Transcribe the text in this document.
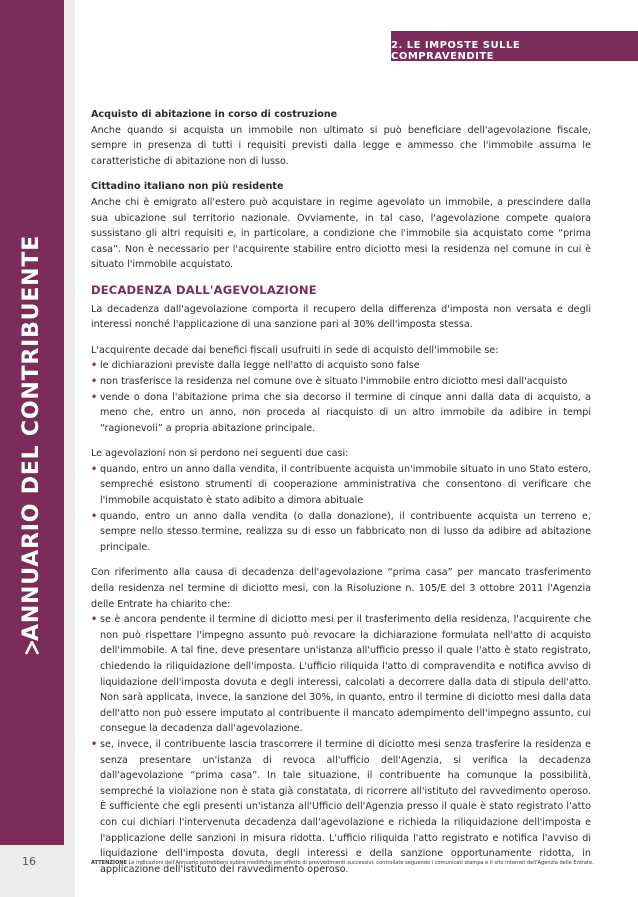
2. LE IMPOSTE SULLE COMPRAVENDITE
ANNUARIO DEL CONTRIBUENTE
16

Acquisto di abitazione in corso di costruzione

Anche quando si acquista un immobile non ultimato si può beneficiare dell'agevolazione fiscale, sempre in presenza di tutti i requisiti previsti dalla legge e ammesso che l'immobile assuma le caratteristiche di abitazione non di lusso.

Cittadino italiano non più residente

Anche chi è emigrato all'estero può acquistare in regime agevolato un immobile, a prescindere dalla sua ubicazione sul territorio nazionale. Ovviamente, in tal caso, l'agevolazione compete qualora sussistano gli altri requisiti e, in particolare, a condizione che l'immobile sia acquistato come “prima casa”. Non è necessario per l'acquirente stabilire entro diciotto mesi la residenza nel comune in cui è situato l'immobile acquistato.

DECADENZA DALL'AGEVOLAZIONE

La decadenza dall'agevolazione comporta il recupero della differenza d'imposta non versata e degli interessi nonché l'applicazione di una sanzione pari al 30% dell'imposta stessa.

L'acquirente decade dai benefici fiscali usufruiti in sede di acquisto dell'immobile se:

• le dichiarazioni previste dalla legge nell'atto di acquisto sono false
• non trasferisce la residenza nel comune ove è situato l'immobile entro diciotto mesi dall'acquisto
• vende o dona l'abitazione prima che sia decorso il termine di cinque anni dalla data di acquisto, a meno che, entro un anno, non proceda al riacquisto di un altro immobile da adibire in tempi “ragionevoli” a propria abitazione principale.

Le agevolazioni non si perdono nei seguenti due casi:

• quando, entro un anno dalla vendita, il contribuente acquista un'immobile situato in uno Stato estero, sempreché esistono strumenti di cooperazione amministrativa che consentono di verificare che l'immobile acquistato è stato adibito a dimora abituale
• quando, entro un anno dalla vendita (o dalla donazione), il contribuente acquista un terreno e, sempre nello stesso termine, realizza su di esso un fabbricato non di lusso da adibire ad abitazione principale.

Con riferimento alla causa di decadenza dell'agevolazione “prima casa” per mancato trasferimento della residenza nel termine di diciotto mesi, con la Risoluzione n. 105/E del 3 ottobre 2011 l'Agenzia delle Entrate ha chiarito che:

• se è ancora pendente il termine di diciotto mesi per il trasferimento della residenza, l'acquirente che non può rispettare l'impegno assunto può revocare la dichiarazione formulata nell'atto di acquisto dell'immobile. A tal fine, deve presentare un'istanza all'ufficio presso il quale l'atto è stato registrato, chiedendo la riliquidazione dell'imposta. L'ufficio riliquida l'atto di compravendita e notifica avviso di liquidazione dell'imposta dovuta e degli interessi, calcolati a decorrere dalla data di stipula dell'atto. Non sarà applicata, invece, la sanzione del 30%, in quanto, entro il termine di diciotto mesi dalla data dell'atto non può essere imputato al contribuente il mancato adempimento dell'impegno assunto, cui consegue la decadenza dall'agevolazione.
• se, invece, il contribuente lascia trascorrere il termine di diciotto mesi senza trasferire la residenza e senza presentare un'istanza di revoca all'ufficio dell'Agenzia, si verifica la decadenza dall'agevolazione “prima casa”. In tale situazione, il contribuente ha comunque la possibilità, sempreché la violazione non è stata già constatata, di ricorrere all'istituto del ravvedimento operoso. È sufficiente che egli presenti un'istanza all'Ufficio dell'Agenzia presso il quale è stato registrato l'atto con cui dichiari l'intervenuta decadenza dall'agevolazione e richieda la riliquidazione dell'imposta e l'applicazione delle sanzioni in misura ridotta. L'ufficio riliquida l'atto registrato e notifica l'avviso di liquidazione dell'imposta dovuta, degli interessi e della sanzione opportunamente ridotta, in applicazione dell'istituto del ravvedimento operoso.
ATTENZIONE Le indicazioni dell'Annuario potrebbero subire modifiche per effetto di provvedimenti successivi; controllate seguendo i comunicati stampa e il sito internet dell'Agenzia delle Entrate.
